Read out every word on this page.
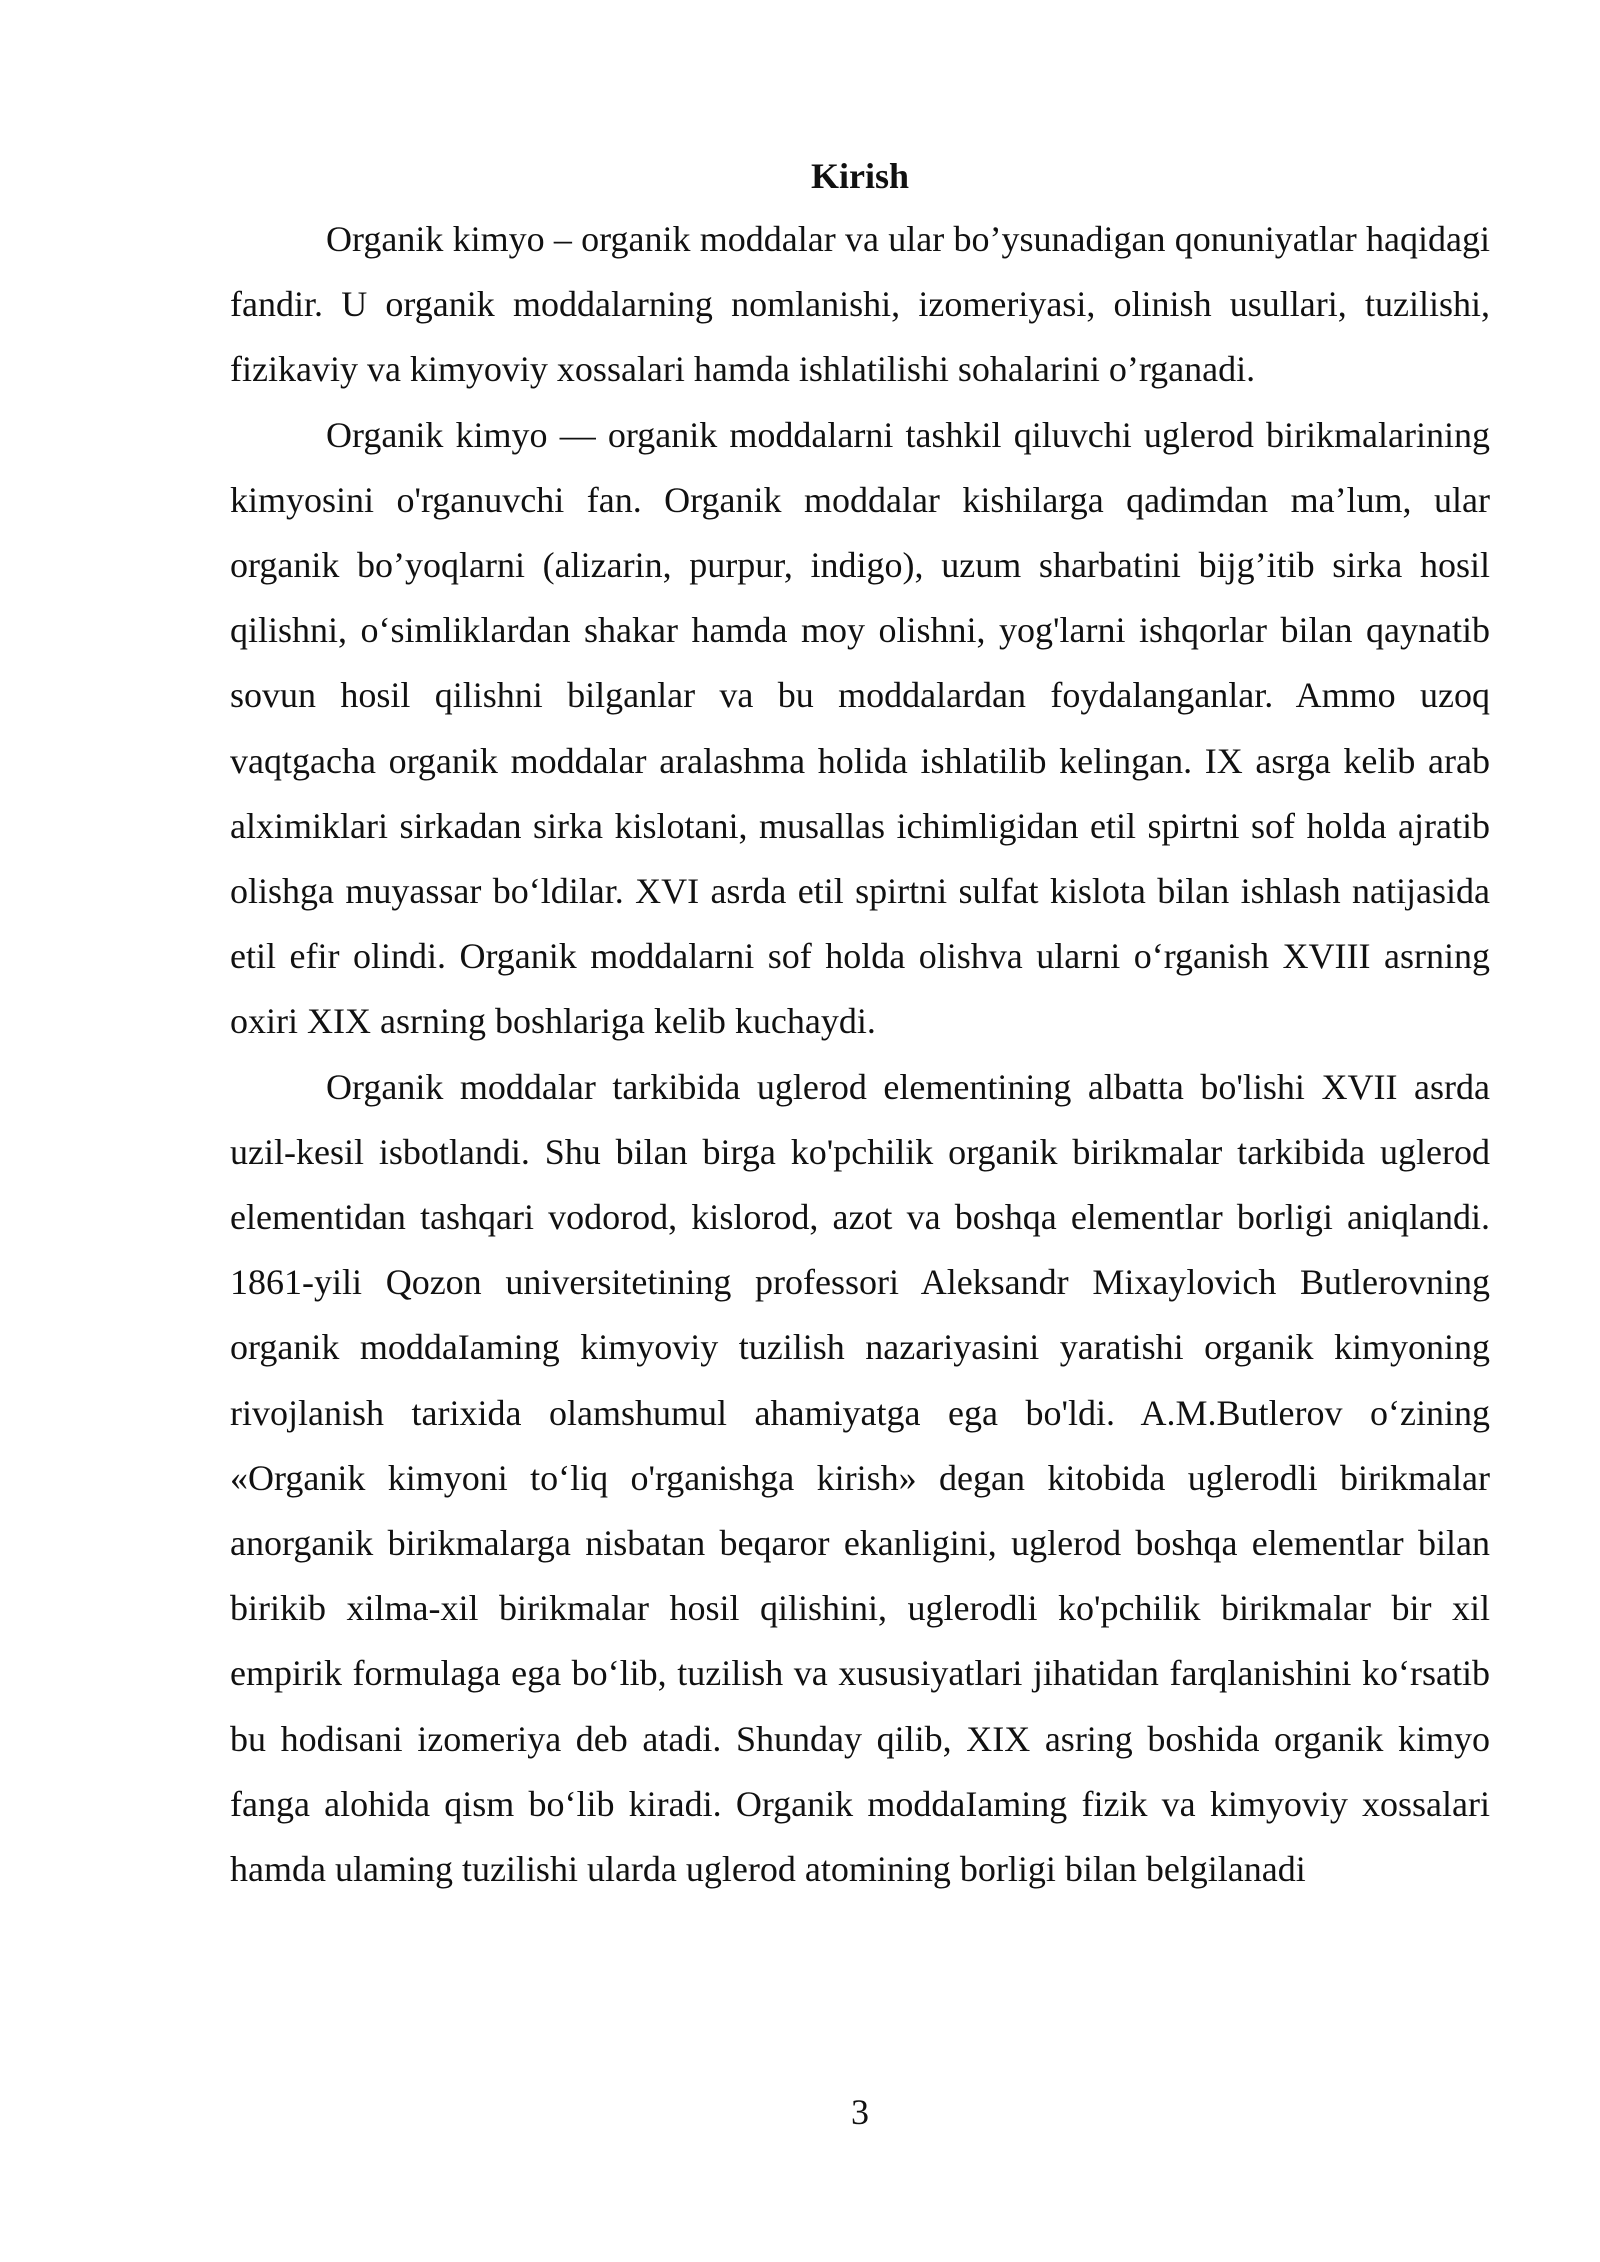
Kirish

Organik kimyo – organik moddalar va ular bo’ysunadigan qonuniyatlar haqidagi fandir. U organik moddalarning nomlanishi, izomeriyasi, olinish usullari, tuzilishi, fizikaviy va kimyoviy xossalari hamda ishlatilishi sohalarini o’rganadi.

Organik kimyo — organik moddalarni tashkil qiluvchi uglerod birikmalarining kimyosini o'rganuvchi fan. Organik moddalar kishilarga qadimdan ma’lum, ular organik bo’yoqlarni (alizarin, purpur, indigo), uzum sharbatini bijg’itib sirka hosil qilishni, o‘simliklardan shakar hamda moy olishni, yog'larni ishqorlar bilan qaynatib sovun hosil qilishni bilganlar va bu moddalardan foydalanganlar. Ammo uzoq vaqtgacha organik moddalar aralashma holida ishlatilib kelingan. IX asrga kelib arab alximiklari sirkadan sirka kislotani, musallas ichimligidan etil spirtni sof holda ajratib olishga muyassar bo‘ldilar. XVI asrda etil spirtni sulfat kislota bilan ishlash natijasida etil efir olindi. Organik moddalarni sof holda olishva ularni o‘rganish XVIII asrning oxiri XIX asrning boshlariga kelib kuchaydi.

Organik moddalar tarkibida uglerod elementining albatta bo'lishi XVII asrda uzil-kesil isbotlandi. Shu bilan birga ko'pchilik organik birikmalar tarkibida uglerod elementidan tashqari vodorod, kislorod, azot va boshqa elementlar borligi aniqlandi. 1861-yili Qozon universitetining professori Aleksandr Mixaylovich Butlerovning organik moddaIaming kimyoviy tuzilish nazariyasini yaratishi organik kimyoning rivojlanish tarixida olamshumul ahamiyatga ega bo'ldi. A.M.Butlerov o‘zining «Organik kimyoni to‘liq o'rganishga kirish» degan kitobida uglerodli birikmalar anorganik birikmalarga nisbatan beqaror ekanligini, uglerod boshqa elementlar bilan birikib xilma-xil birikmalar hosil qilishini, uglerodli ko'pchilik birikmalar bir xil empirik formulaga ega bo‘lib, tuzilish va xususiyatlari jihatidan farqlanishini ko‘rsatib bu hodisani izomeriya deb atadi. Shunday qilib, XIX asring boshida organik kimyo fanga alohida qism bo‘lib kiradi. Organik moddaIaming fizik va kimyoviy xossalari hamda ulaming tuzilishi ularda uglerod atomining borligi bilan belgilanadi

3
